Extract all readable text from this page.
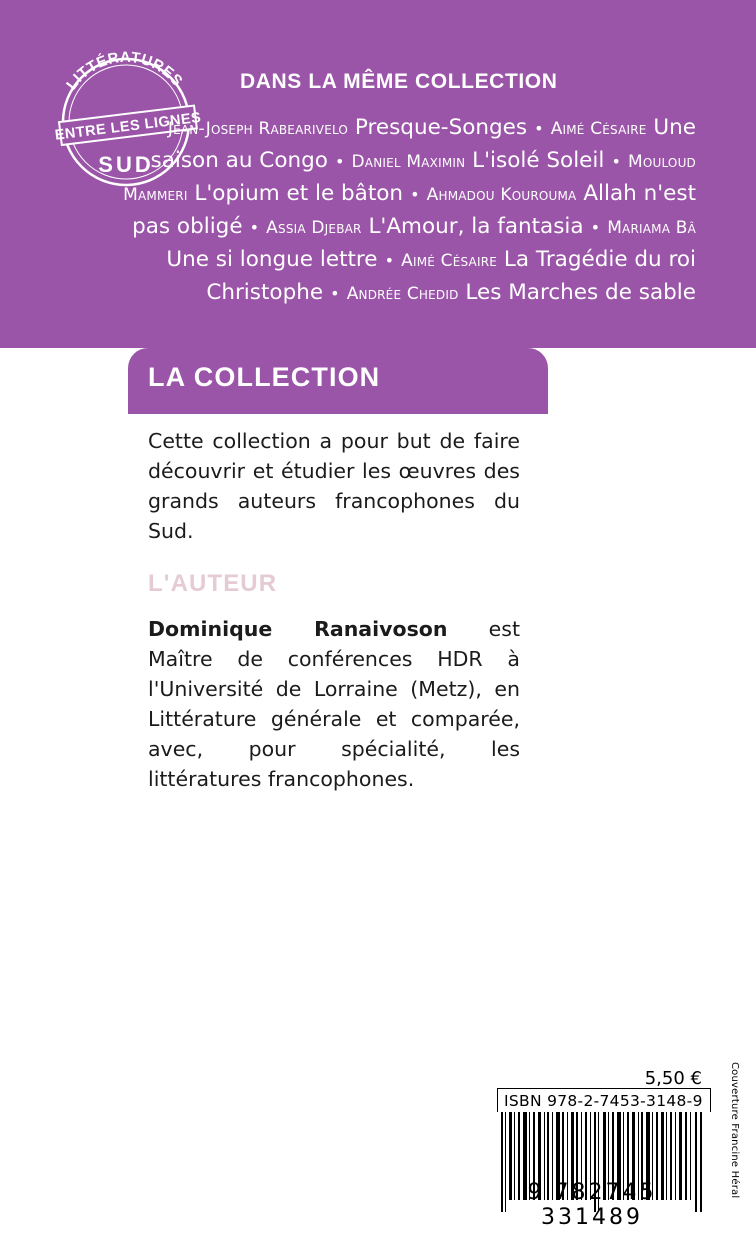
LITTÉRATURES
ENTRE LES LIGNES
SUD
DANS LA MÊME COLLECTION
Jean-Joseph Rabearivelo Presque-Songes • Aimé Césaire Une saison au Congo • Daniel Maximin L'isolé Soleil • Mouloud Mammeri L'opium et le bâton • Ahmadou Kourouma Allah n'est pas obligé • Assia Djebar L'Amour, la fantasia • Mariama Bâ Une si longue lettre • Aimé Césaire La Tragédie du roi Christophe • Andrée Chedid Les Marches de sable
LA COLLECTION
Cette collection a pour but de faire découvrir et étudier les œuvres des grands auteurs francophones du Sud.
L'AUTEUR
Dominique Ranaivoson est Maître de conférences HDR à l'Université de Lorraine (Metz), en Littérature générale et comparée, avec, pour spécialité, les littératures francophones.
5,50 €
ISBN 978-2-7453-3148-9
9 782745 331489
Couverture Francine Héral
